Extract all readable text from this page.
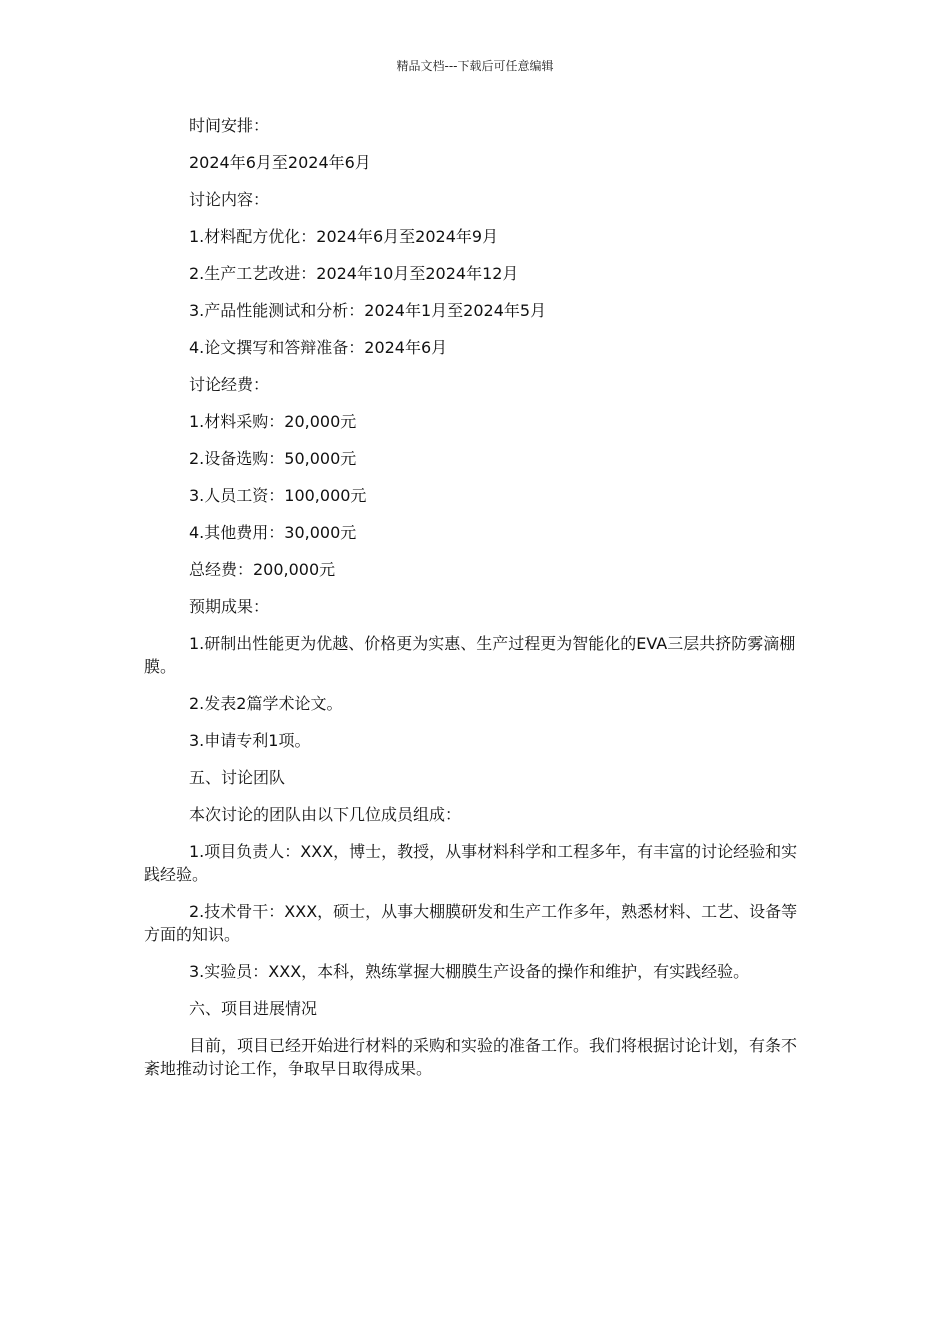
精品文档---下载后可任意编辑

时间安排：

2024年6月至2024年6月

讨论内容：

1.材料配方优化：2024年6月至2024年9月

2.生产工艺改进：2024年10月至2024年12月

3.产品性能测试和分析：2024年1月至2024年5月

4.论文撰写和答辩准备：2024年6月

讨论经费：

1.材料采购：20,000元

2.设备选购：50,000元

3.人员工资：100,000元

4.其他费用：30,000元

总经费：200,000元

预期成果：

1.研制出性能更为优越、价格更为实惠、生产过程更为智能化的EVA三层共挤防雾滴棚膜。

2.发表2篇学术论文。

3.申请专利1项。

五、讨论团队

本次讨论的团队由以下几位成员组成：

1.项目负责人：XXX，博士，教授，从事材料科学和工程多年，有丰富的讨论经验和实践经验。

2.技术骨干：XXX，硕士，从事大棚膜研发和生产工作多年，熟悉材料、工艺、设备等方面的知识。

3.实验员：XXX，本科，熟练掌握大棚膜生产设备的操作和维护，有实践经验。

六、项目进展情况

目前，项目已经开始进行材料的采购和实验的准备工作。我们将根据讨论计划，有条不紊地推动讨论工作，争取早日取得成果。
